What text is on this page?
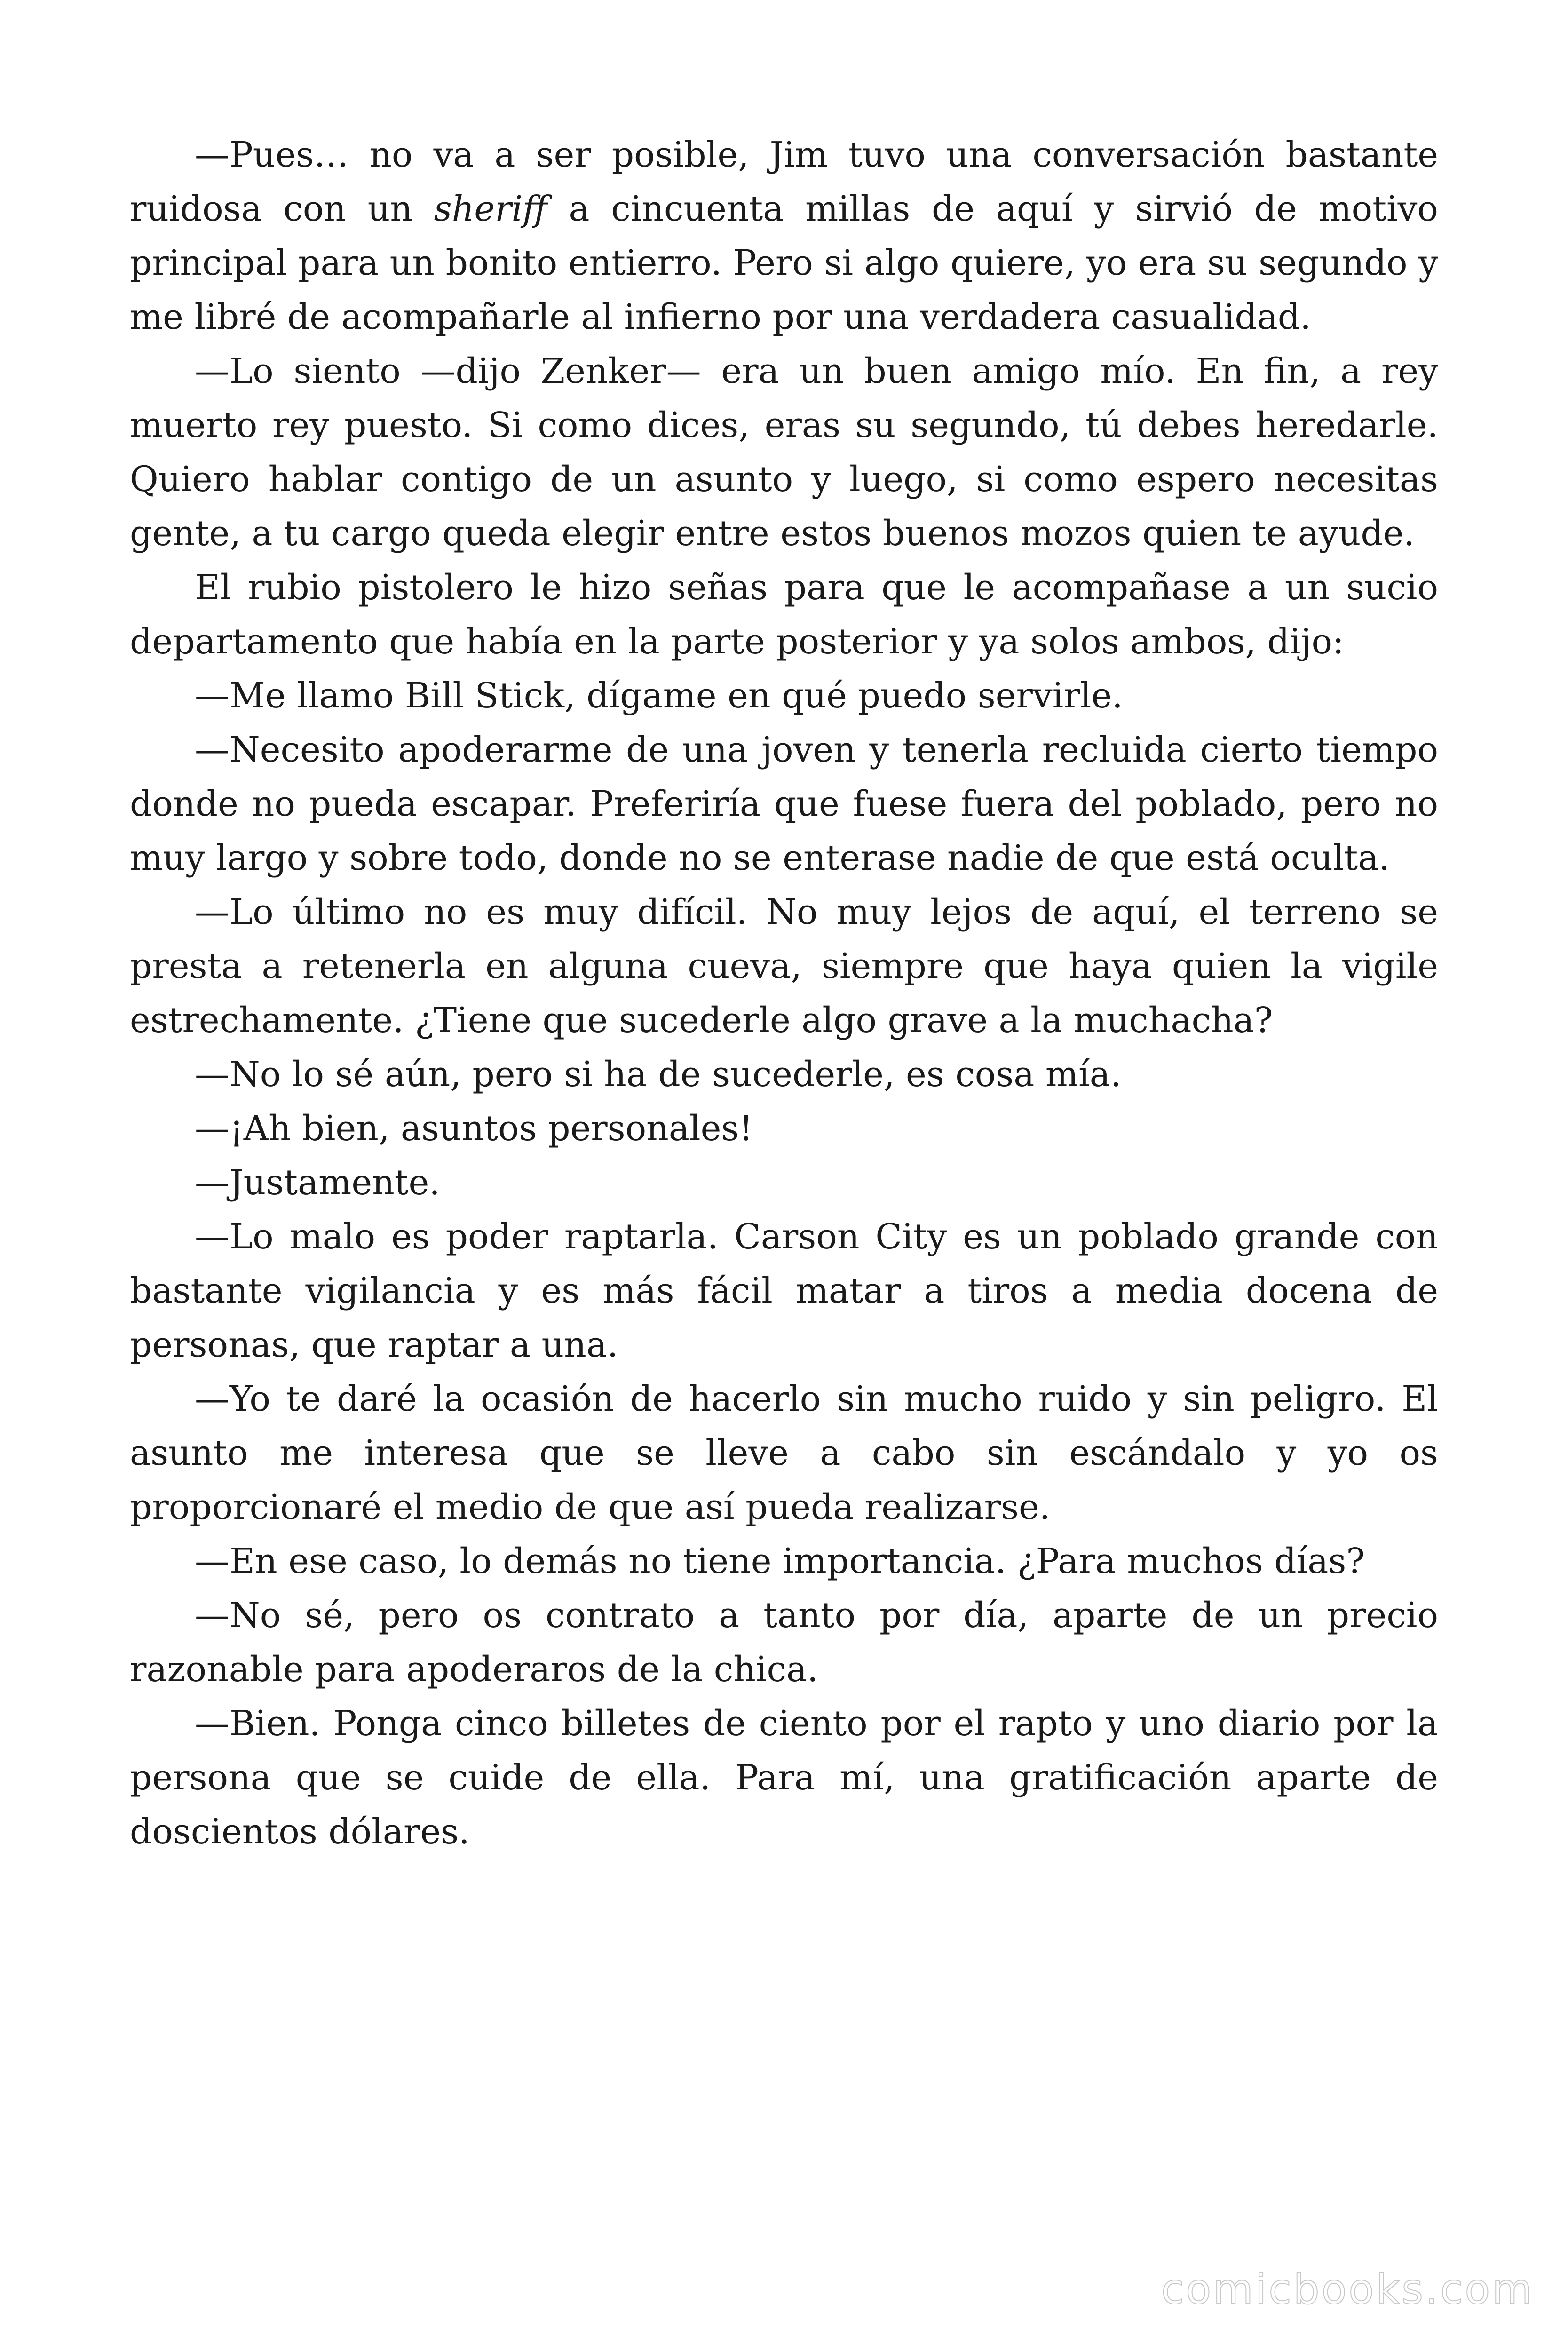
—Pues… no va a ser posible, Jim tuvo una conversación bastante ruidosa con un sheriff a cincuenta millas de aquí y sirvió de motivo principal para un bonito entierro. Pero si algo quiere, yo era su segundo y me libré de acompañarle al infierno por una verdadera casualidad.

—Lo siento —dijo Zenker— era un buen amigo mío. En fin, a rey muerto rey puesto. Si como dices, eras su segundo, tú debes heredarle. Quiero hablar contigo de un asunto y luego, si como espero necesitas gente, a tu cargo queda elegir entre estos buenos mozos quien te ayude.

El rubio pistolero le hizo señas para que le acompañase a un sucio departamento que había en la parte posterior y ya solos ambos, dijo:

—Me llamo Bill Stick, dígame en qué puedo servirle.

—Necesito apoderarme de una joven y tenerla recluida cierto tiempo donde no pueda escapar. Preferiría que fuese fuera del poblado, pero no muy largo y sobre todo, donde no se enterase nadie de que está oculta.

—Lo último no es muy difícil. No muy lejos de aquí, el terreno se presta a retenerla en alguna cueva, siempre que haya quien la vigile estrechamente. ¿Tiene que sucederle algo grave a la muchacha?

—No lo sé aún, pero si ha de sucederle, es cosa mía.

—¡Ah bien, asuntos personales!

—Justamente.

—Lo malo es poder raptarla. Carson City es un poblado grande con bastante vigilancia y es más fácil matar a tiros a media docena de personas, que raptar a una.

—Yo te daré la ocasión de hacerlo sin mucho ruido y sin peligro. El asunto me interesa que se lleve a cabo sin escándalo y yo os proporcionaré el medio de que así pueda realizarse.

—En ese caso, lo demás no tiene importancia. ¿Para muchos días?

—No sé, pero os contrato a tanto por día, aparte de un precio razonable para apoderaros de la chica.

—Bien. Ponga cinco billetes de ciento por el rapto y uno diario por la persona que se cuide de ella. Para mí, una gratificación aparte de doscientos dólares.

comicbooks.com
